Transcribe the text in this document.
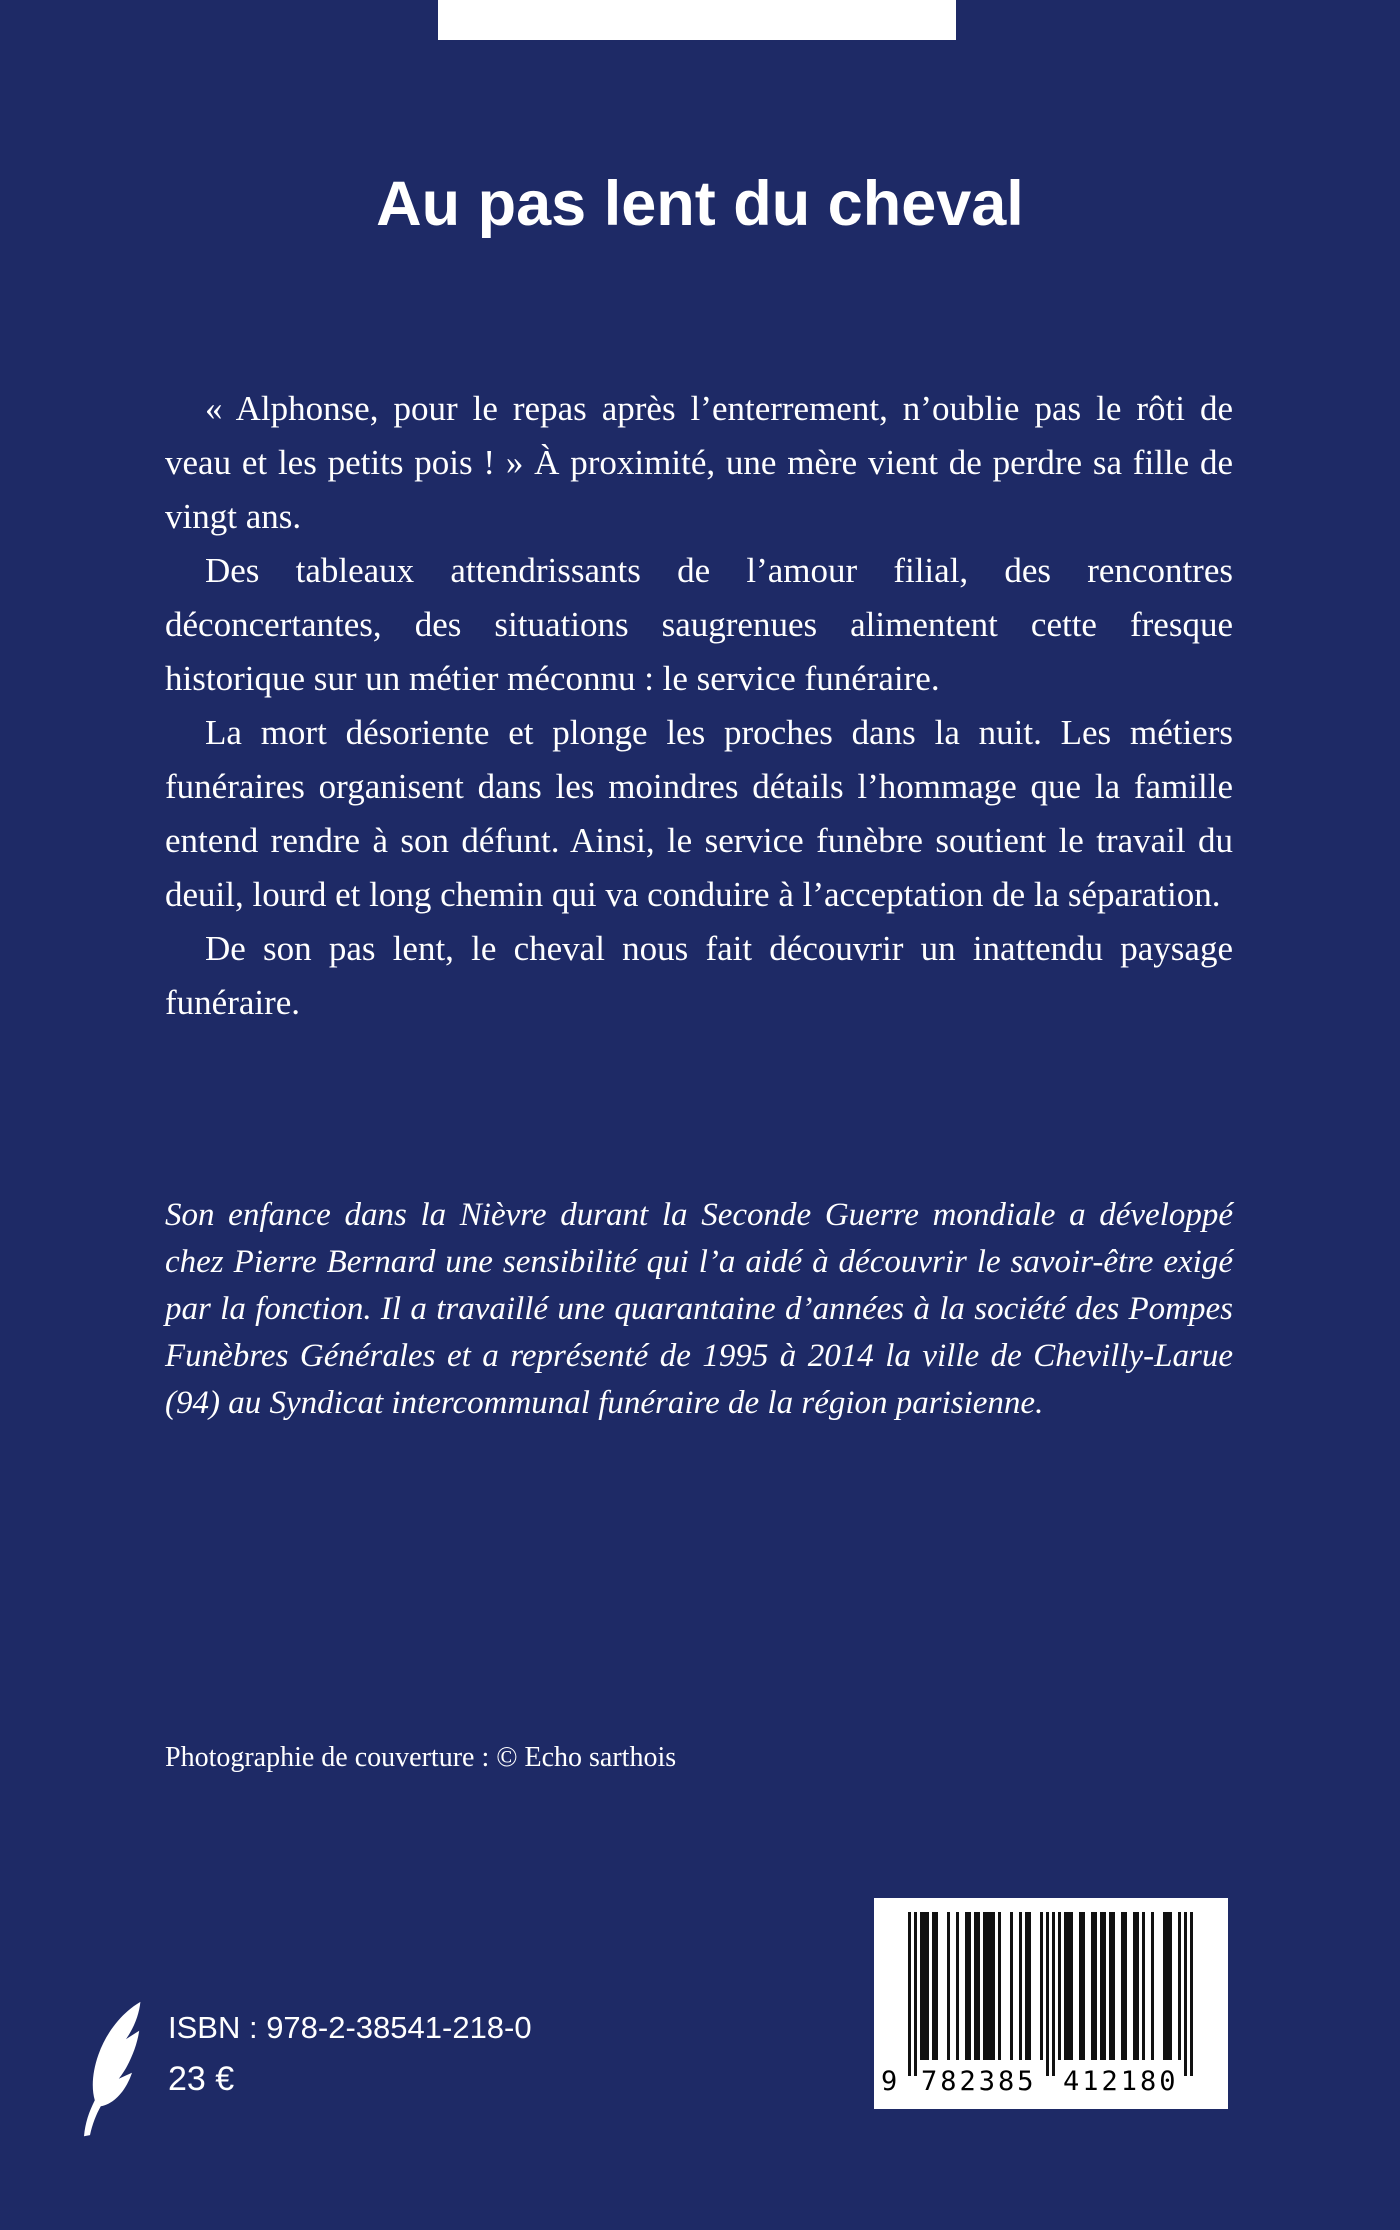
Au pas lent du cheval

« Alphonse, pour le repas après l’enterrement, n’oublie pas le rôti de veau et les petits pois ! » À proximité, une mère vient de perdre sa fille de vingt ans.

Des tableaux attendrissants de l’amour filial, des rencontres déconcertantes, des situations saugrenues alimentent cette fresque historique sur un métier méconnu : le service funéraire.

La mort désoriente et plonge les proches dans la nuit. Les métiers funéraires organisent dans les moindres détails l’hommage que la famille entend rendre à son défunt. Ainsi, le service funèbre soutient le travail du deuil, lourd et long chemin qui va conduire à l’acceptation de la séparation.

De son pas lent, le cheval nous fait découvrir un inattendu paysage funéraire.

Son enfance dans la Nièvre durant la Seconde Guerre mondiale a développé chez Pierre Bernard une sensibilité qui l’a aidé à découvrir le savoir-être exigé par la fonction. Il a travaillé une quarantaine d’années à la société des Pompes Funèbres Générales et a représenté de 1995 à 2014 la ville de Chevilly-Larue (94) au Syndicat intercommunal funéraire de la région parisienne.
Photographie de couverture : © Echo sarthois
ISBN : 978-2-38541-218-0
23 €	9 782385 412180
